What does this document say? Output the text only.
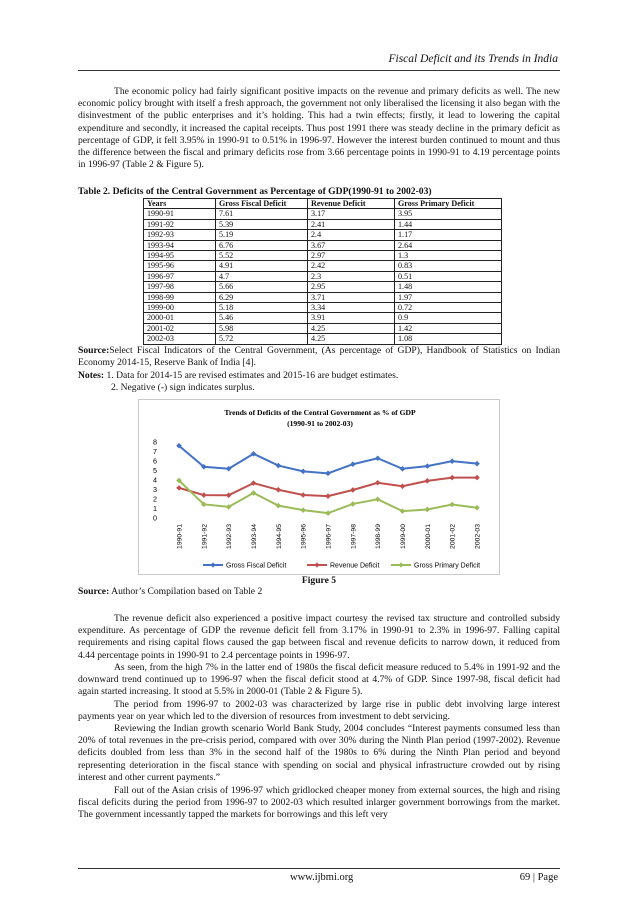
Fiscal Deficit and its Trends in India

The economic policy had fairly significant positive impacts on the revenue and primary deficits as well. The new economic policy brought with itself a fresh approach, the government not only liberalised the licensing it also began with the disinvestment of the public enterprises and it’s holding. This had a twin effects; firstly, it lead to lowering the capital expenditure and secondly, it increased the capital receipts. Thus post 1991 there was steady decline in the primary deficit as percentage of GDP, it fell 3.95% in 1990-91 to 0.51% in 1996-97. However the interest burden continued to mount and thus the difference between the fiscal and primary deficits rose from 3.66 percentage points in 1990-91 to 4.19 percentage points in 1996-97 (Table 2 & Figure 5).

Table 2. Deficits of the Central Government as Percentage of GDP(1990-91 to 2002-03)
Years	Gross Fiscal Deficit	Revenue Deficit	Gross Primary Deficit
1990-91	7.61	3.17	3.95
1991-92	5.39	2.41	1.44
1992-93	5.19	2.4	1.17
1993-94	6.76	3.67	2.64
1994-95	5.52	2.97	1.3
1995-96	4.91	2.42	0.83
1996-97	4.7	2.3	0.51
1997-98	5.66	2.95	1.48
1998-99	6.29	3.71	1.97
1999-00	5.18	3.34	0.72
2000-01	5.46	3.91	0.9
2001-02	5.98	4.25	1.42
2002-03	5.72	4.25	1.08

Source:Select Fiscal Indicators of the Central Government, (As percentage of GDP), Handbook of Statistics on Indian Economy 2014-15, Reserve Bank of India [4].

Notes: 1. Data for 2014-15 are revised estimates and 2015-16 are budget estimates.
2. Negative (-) sign indicates surplus.
Trends of Deficits of the Central Government as % of GDP
(1990-91 to 2002-03)
0
1
2
3
4
5
6
7
8
1990-91	1991-92	1992-93	1993-94	1994-95	1995-96	1996-97	1997-98	1998-99	1999-00	2000-01	2001-02	2002-03
Gross Fiscal Deficit	Revenue Deficit	Gross Primary Deficit
Figure 5
Source: Author’s Compilation based on Table 2

The revenue deficit also experienced a positive impact courtesy the revised tax structure and controlled subsidy expenditure. As percentage of GDP the revenue deficit fell from 3.17% in 1990-91 to 2.3% in 1996-97. Falling capital requirements and rising capital flows caused the gap between fiscal and revenue deficits to narrow down, it reduced from 4.44 percentage points in 1990-91 to 2.4 percentage points in 1996-97.

As seen, from the high 7% in the latter end of 1980s the fiscal deficit measure reduced to 5.4% in 1991-92 and the downward trend continued up to 1996-97 when the fiscal deficit stood at 4.7% of GDP. Since 1997-98, fiscal deficit had again started increasing. It stood at 5.5% in 2000-01 (Table 2 & Figure 5).

The period from 1996-97 to 2002-03 was characterized by large rise in public debt involving large interest payments year on year which led to the diversion of resources from investment to debt servicing.

Reviewing the Indian growth scenario World Bank Study, 2004 concludes “Interest payments consumed less than 20% of total revenues in the pre-crisis period, compared with over 30% during the Ninth Plan period (1997-2002). Revenue deficits doubled from less than 3% in the second half of the 1980s to 6% during the Ninth Plan period and beyond representing deterioration in the fiscal stance with spending on social and physical infrastructure crowded out by rising interest and other current payments.”

Fall out of the Asian crisis of 1996-97 which gridlocked cheaper money from external sources, the high and rising fiscal deficits during the period from 1996-97 to 2002-03 which resulted inlarger government borrowings from the market. The government incessantly tapped the markets for borrowings and this left very

www.ijbmi.org	69 | Page
